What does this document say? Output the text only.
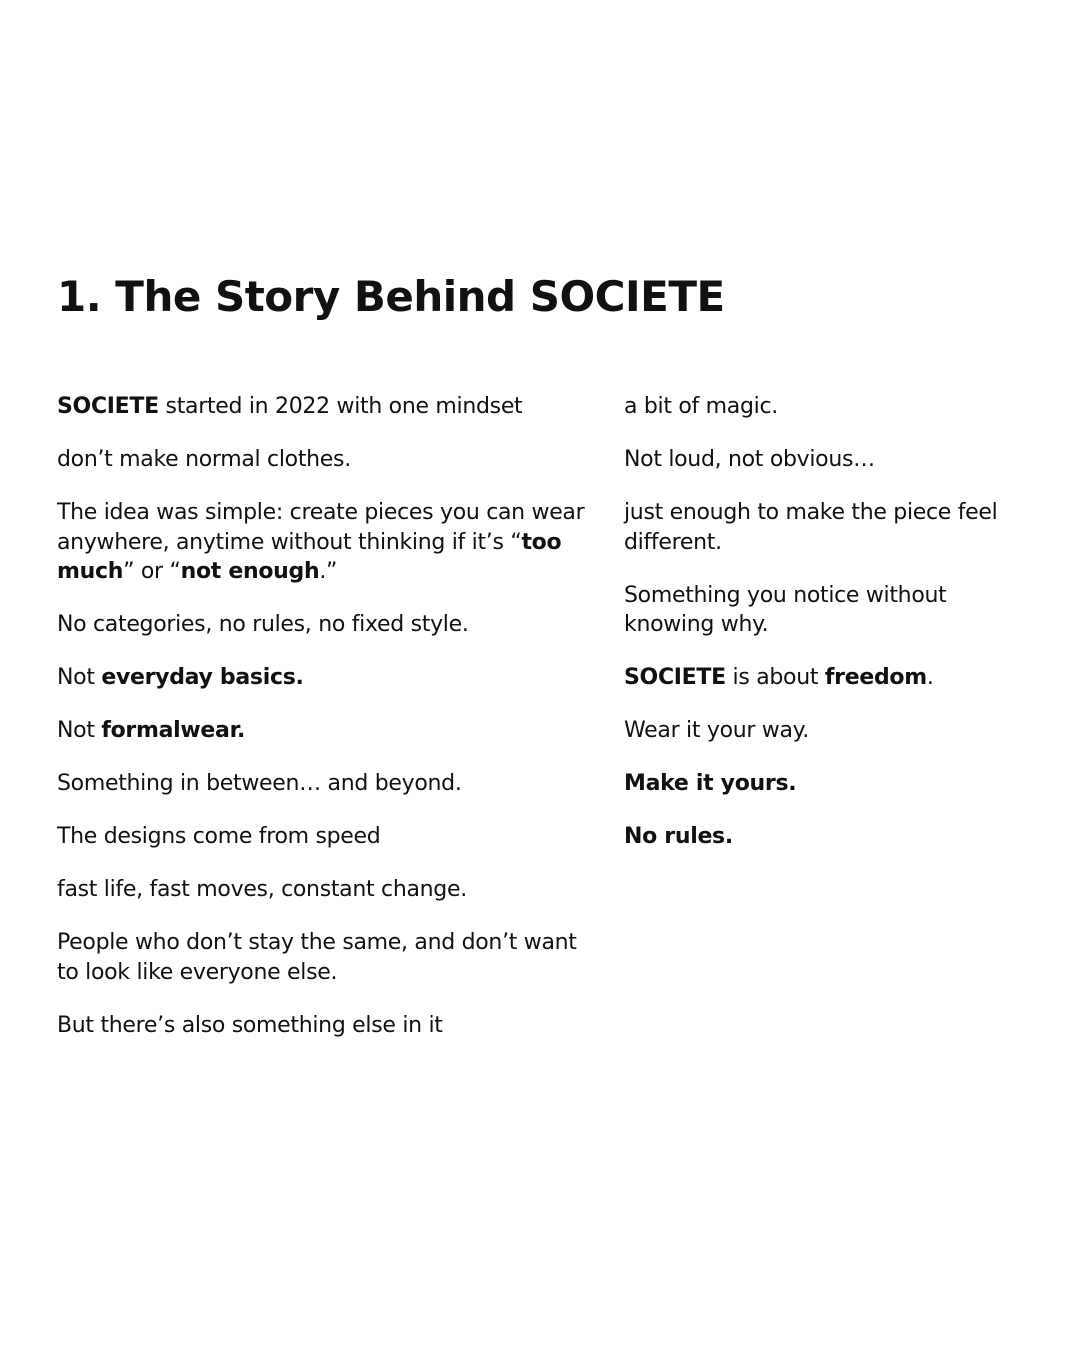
1. The Story Behind SOCIETE

SOCIETE started in 2022 with one mindset

don’t make normal clothes.

The idea was simple: create pieces you can wear anywhere, anytime without thinking if it’s “too much” or “not enough.”

No categories, no rules, no fixed style.

Not everyday basics.

Not formalwear.

Something in between… and beyond.

The designs come from speed

fast life, fast moves, constant change.

People who don’t stay the same, and don’t want to look like everyone else.

But there’s also something else in it

a bit of magic.

Not loud, not obvious…

just enough to make the piece feel different.

Something you notice without knowing why.

SOCIETE is about freedom.

Wear it your way.

Make it yours.

No rules.
